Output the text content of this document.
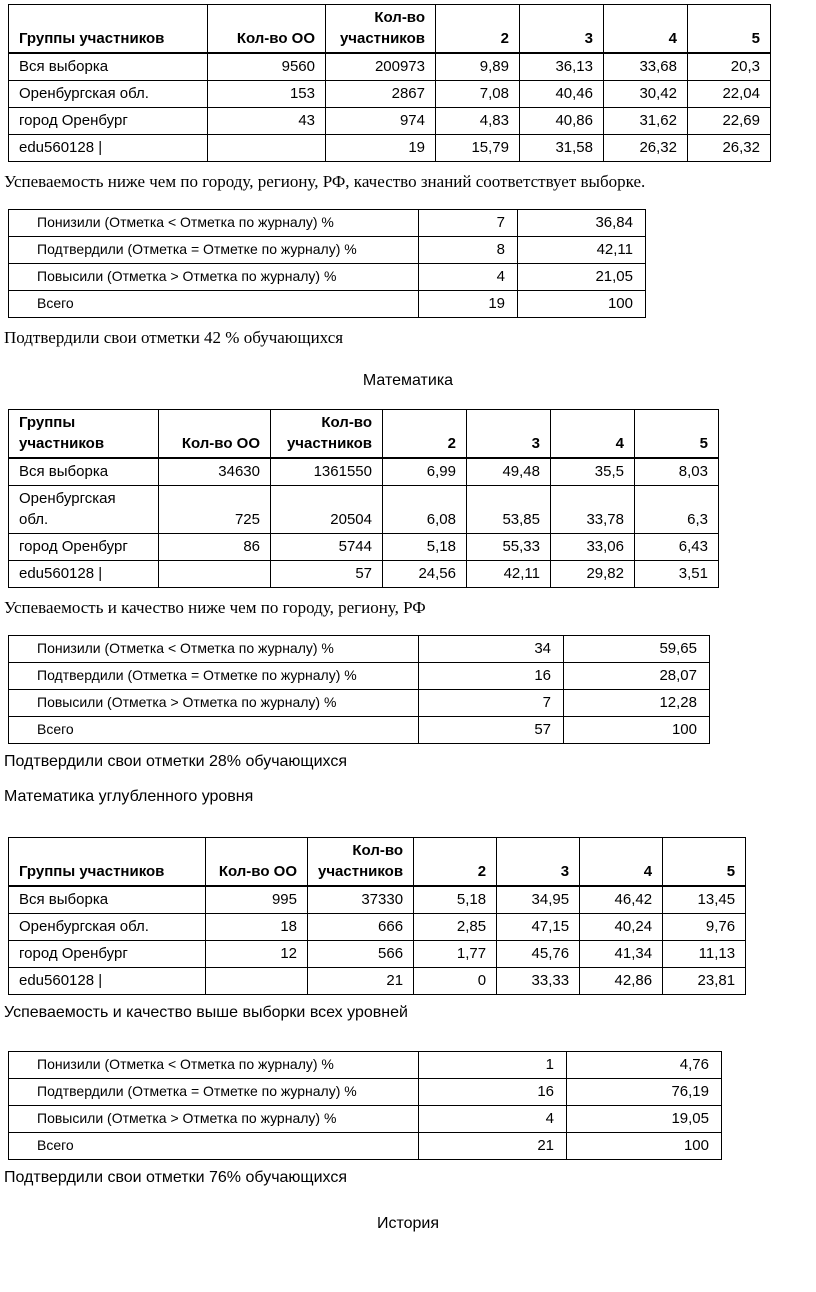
Группы участников	Кол-во ОО	Кол-во участников	2	3	4	5
Вся выборка	9560	200973	9,89	36,13	33,68	20,3
Оренбургская обл.	153	2867	7,08	40,46	30,42	22,04
город Оренбург	43	974	4,83	40,86	31,62	22,69
edu560128 |		19	15,79	31,58	26,32	26,32

Успеваемость ниже чем по городу, региону, РФ, качество знаний соответствует выборке.

Понизили (Отметка < Отметка по журналу) %	7	36,84
Подтвердили (Отметка = Отметке по журналу) %	8	42,11
Повысили (Отметка > Отметка по журналу) %	4	21,05
Всего	19	100

Подтвердили свои отметки 42 % обучающихся

Математика
Группы участников	Кол-во ОО	Кол-во участников	2	3	4	5
Вся выборка	34630	1361550	6,99	49,48	35,5	8,03
Оренбургская обл.	725	20504	6,08	53,85	33,78	6,3
город Оренбург	86	5744	5,18	55,33	33,06	6,43
edu560128 |		57	24,56	42,11	29,82	3,51

Успеваемость и качество ниже чем по городу, региону, РФ

Понизили (Отметка < Отметка по журналу) %	34	59,65
Подтвердили (Отметка = Отметке по журналу) %	16	28,07
Повысили (Отметка > Отметка по журналу) %	7	12,28
Всего	57	100

Подтвердили свои отметки 28% обучающихся

Математика углубленного уровня
Группы участников	Кол-во ОО	Кол-во участников	2	3	4	5
Вся выборка	995	37330	5,18	34,95	46,42	13,45
Оренбургская обл.	18	666	2,85	47,15	40,24	9,76
город Оренбург	12	566	1,77	45,76	41,34	11,13
edu560128 |		21	0	33,33	42,86	23,81

Успеваемость и качество выше выборки всех уровней

Понизили (Отметка < Отметка по журналу) %	1	4,76
Подтвердили (Отметка = Отметке по журналу) %	16	76,19
Повысили (Отметка > Отметка по журналу) %	4	19,05
Всего	21	100

Подтвердили свои отметки 76% обучающихся

История
